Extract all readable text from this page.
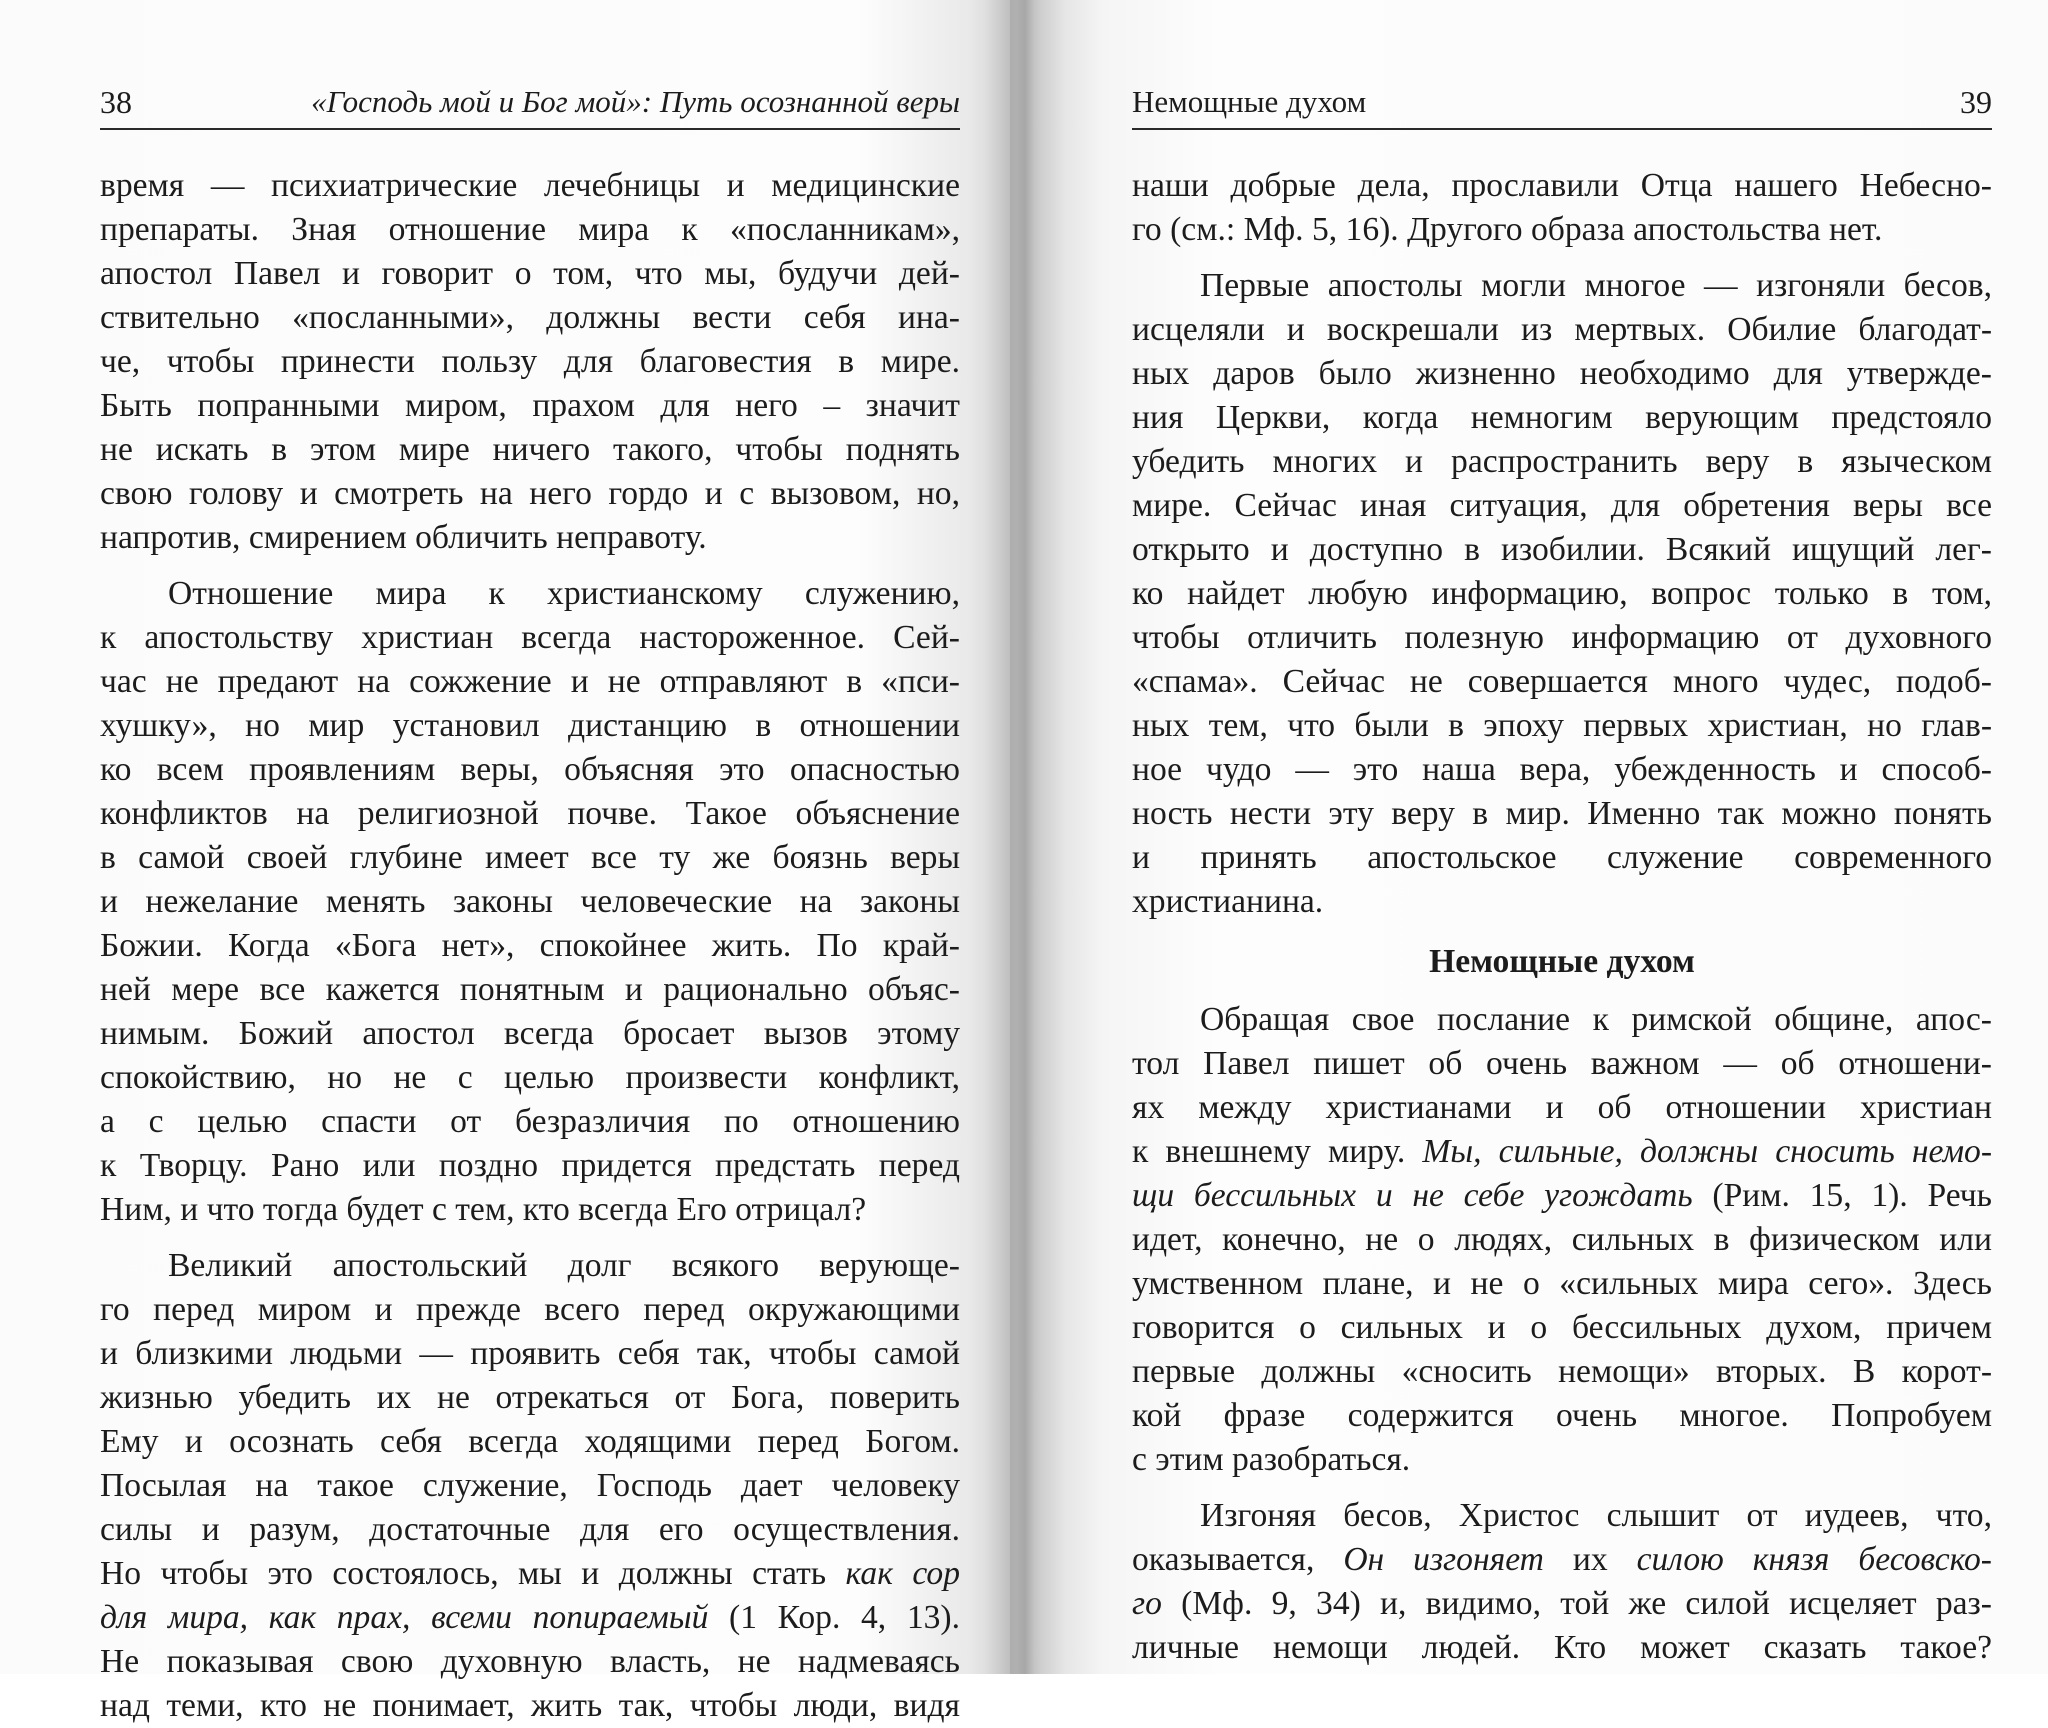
38	«Господь мой и Бог мой»: Путь осознанной веры	Немощные духом	39
время — психиатрические лечебницы и медицинские
препараты. Зная отношение мира к «посланникам»,
апостол Павел и говорит о том, что мы, будучи дей-
ствительно «посланными», должны вести себя ина-
че, чтобы принести пользу для благовестия в мире.
Быть попранными миром, прахом для него – значит
не искать в этом мире ничего такого, чтобы поднять
свою голову и смотреть на него гордо и с вызовом, но,
напротив, смирением обличить неправоту.
Отношение мира к христианскому служению,
к апостольству христиан всегда настороженное. Сей-
час не предают на сожжение и не отправляют в «пси-
хушку», но мир установил дистанцию в отношении
ко всем проявлениям веры, объясняя это опасностью
конфликтов на религиозной почве. Такое объяснение
в самой своей глубине имеет все ту же боязнь веры
и нежелание менять законы человеческие на законы
Божии. Когда «Бога нет», спокойнее жить. По край-
ней мере все кажется понятным и рационально объяс-
нимым. Божий апостол всегда бросает вызов этому
спокойствию, но не с целью произвести конфликт,
а с целью спасти от безразличия по отношению
к Творцу. Рано или поздно придется предстать перед
Ним, и что тогда будет с тем, кто всегда Его отрицал?
Великий апостольский долг всякого верующе-
го перед миром и прежде всего перед окружающими
и близкими людьми — проявить себя так, чтобы самой
жизнью убедить их не отрекаться от Бога, поверить
Ему и осознать себя всегда ходящими перед Богом.
Посылая на такое служение, Господь дает человеку
силы и разум, достаточные для его осуществления.
Но чтобы это состоялось, мы и должны стать как сор
для мира, как прах, всеми попираемый (1 Кор. 4, 13).
Не показывая свою духовную власть, не надмеваясь
над теми, кто не понимает, жить так, чтобы люди, видя
наши добрые дела, прославили Отца нашего Небесно-
го (см.: Мф. 5, 16). Другого образа апостольства нет.
Первые апостолы могли многое — изгоняли бесов,
исцеляли и воскрешали из мертвых. Обилие благодат-
ных даров было жизненно необходимо для утвержде-
ния Церкви, когда немногим верующим предстояло
убедить многих и распространить веру в языческом
мире. Сейчас иная ситуация, для обретения веры все
открыто и доступно в изобилии. Всякий ищущий лег-
ко найдет любую информацию, вопрос только в том,
чтобы отличить полезную информацию от духовного
«спама». Сейчас не совершается много чудес, подоб-
ных тем, что были в эпоху первых христиан, но глав-
ное чудо — это наша вера, убежденность и способ-
ность нести эту веру в мир. Именно так можно понять
и принять апостольское служение современного
христианина.
Немощные духом
Обращая свое послание к римской общине, апос-
тол Павел пишет об очень важном — об отношени-
ях между христианами и об отношении христиан
к внешнему миру. Мы, сильные, должны сносить немо-
щи бессильных и не себе угождать (Рим. 15, 1). Речь
идет, конечно, не о людях, сильных в физическом или
умственном плане, и не о «сильных мира сего». Здесь
говорится о сильных и о бессильных духом, причем
первые должны «сносить немощи» вторых. В корот-
кой фразе содержится очень многое. Попробуем
с этим разобраться.
Изгоняя бесов, Христос слышит от иудеев, что,
оказывается, Он изгоняет их силою князя бесовско-
го (Мф. 9, 34) и, видимо, той же силой исцеляет раз-
личные немощи людей. Кто может сказать такое?
